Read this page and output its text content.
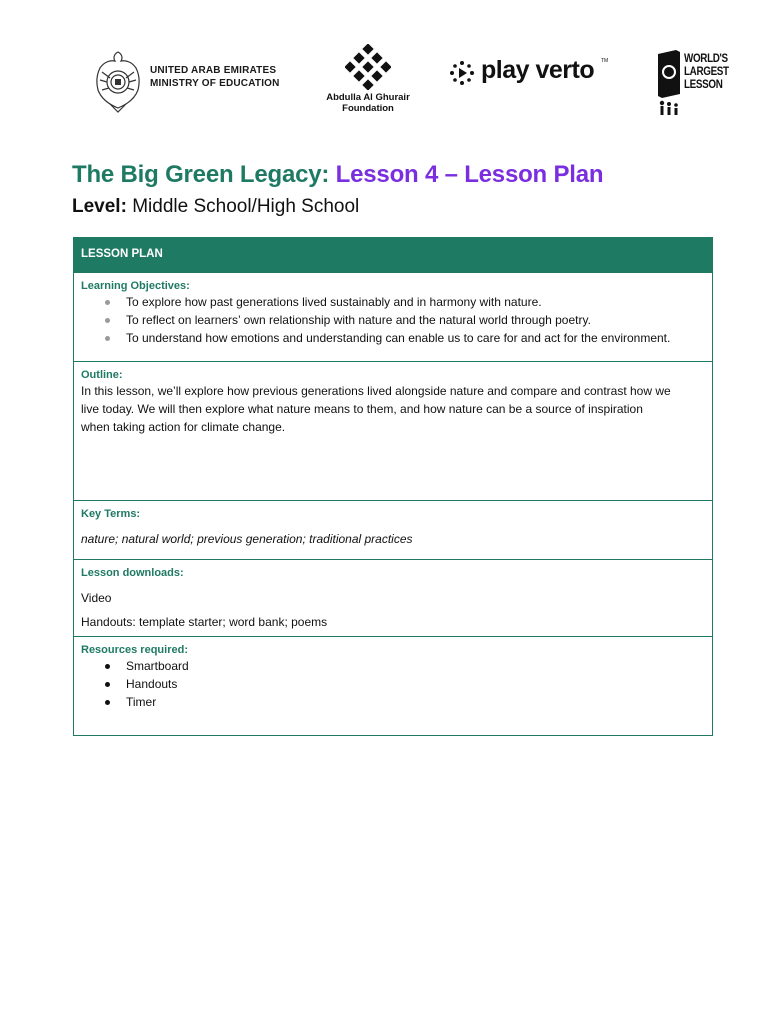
UNITED ARAB EMIRATES
MINISTRY OF EDUCATION
Abdulla Al Ghurair
Foundation
play verto TM	WORLD'S
LARGEST
LESSON
The Big Green Legacy: Lesson 4 – Lesson Plan
Level: Middle School/High School
LESSON PLAN
Learning Objectives:
To explore how past generations lived sustainably and in harmony with nature.
To reflect on learners’ own relationship with nature and the natural world through poetry.
To understand how emotions and understanding can enable us to care for and act for the environment.
Outline:
In this lesson, we’ll explore how previous generations lived alongside nature and compare and contrast how we
live today. We will then explore what nature means to them, and how nature can be a source of inspiration
when taking action for climate change.
Key Terms:
nature; natural world; previous generation; traditional practices
Lesson downloads:
Video
Handouts: template starter; word bank; poems
Resources required:
Smartboard
Handouts
Timer
